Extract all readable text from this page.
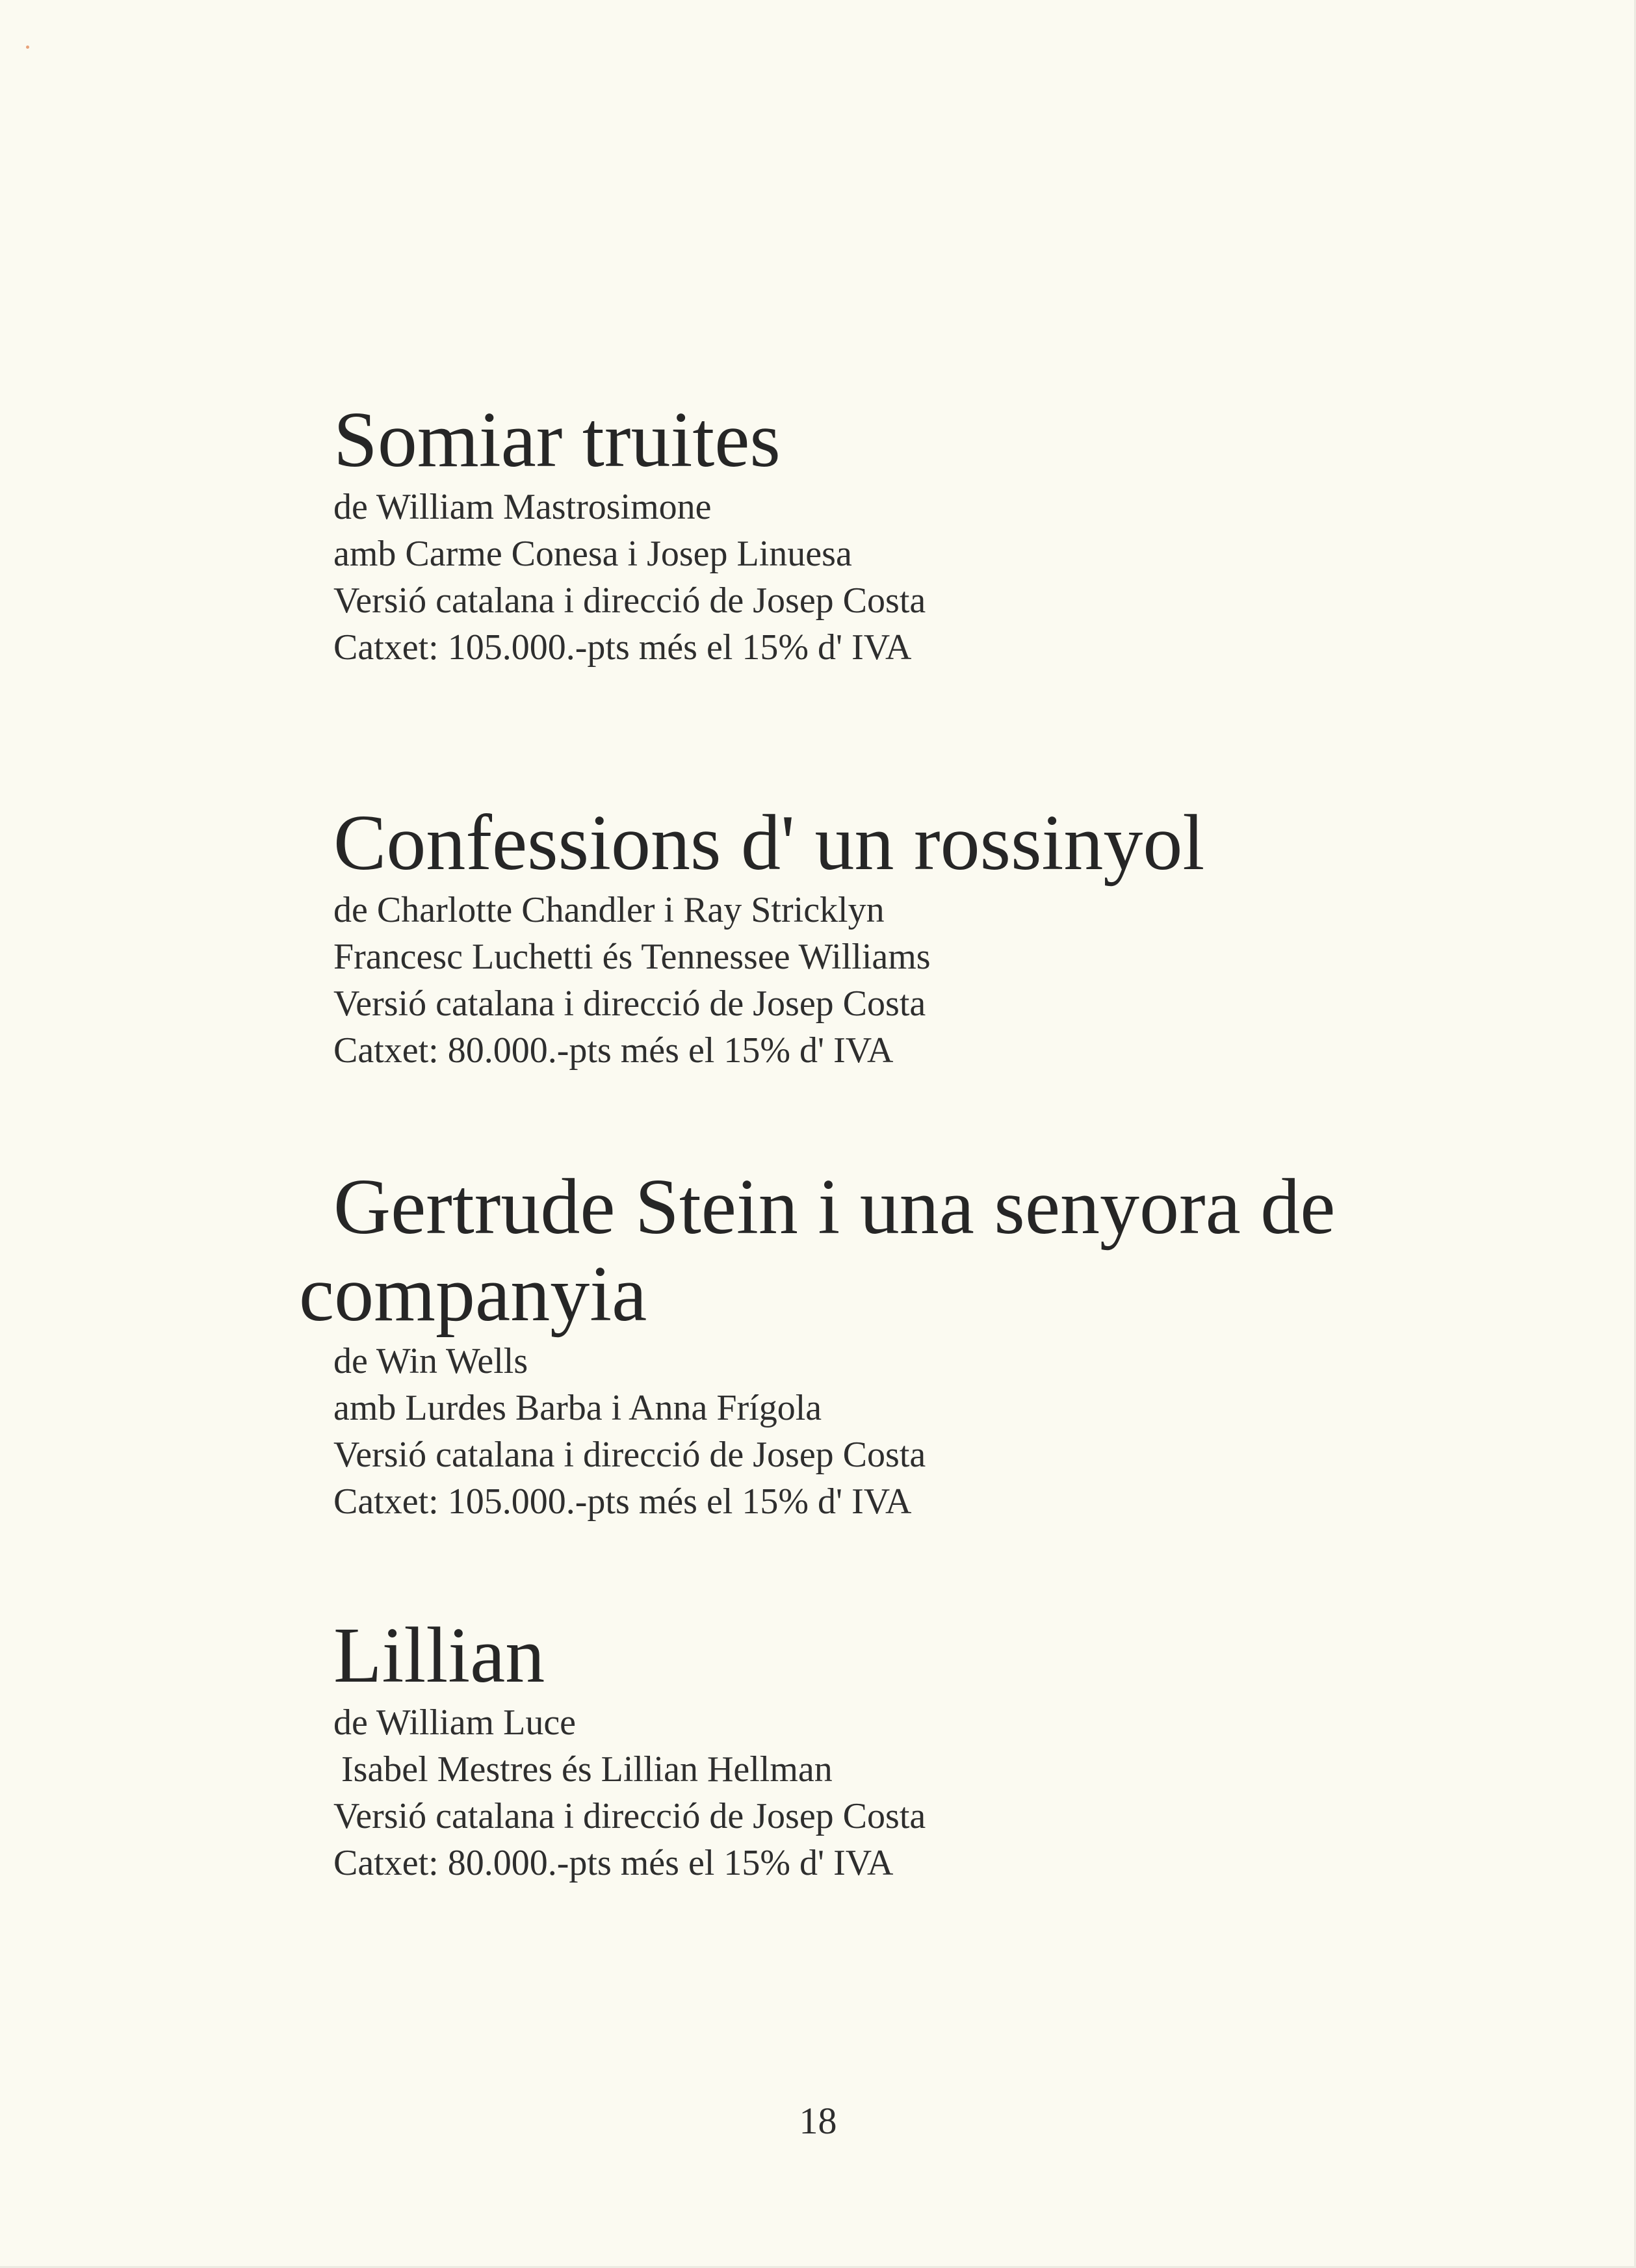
Somiar truites
de William Mastrosimone
amb Carme Conesa i Josep Linuesa
Versió catalana i direcció de Josep Costa
Catxet: 105.000.-pts més el 15% d' IVA
Confessions d' un rossinyol
de Charlotte Chandler i Ray Stricklyn
Francesc Luchetti és Tennessee Williams
Versió catalana i direcció de Josep Costa
Catxet: 80.000.-pts més el 15% d' IVA
Gertrude Stein i una senyora de
companyia
de Win Wells
amb Lurdes Barba i Anna Frígola
Versió catalana i direcció de Josep Costa
Catxet: 105.000.-pts més el 15% d' IVA
Lillian
de William Luce
Isabel Mestres és Lillian Hellman
Versió catalana i direcció de Josep Costa
Catxet: 80.000.-pts més el 15% d' IVA
18
